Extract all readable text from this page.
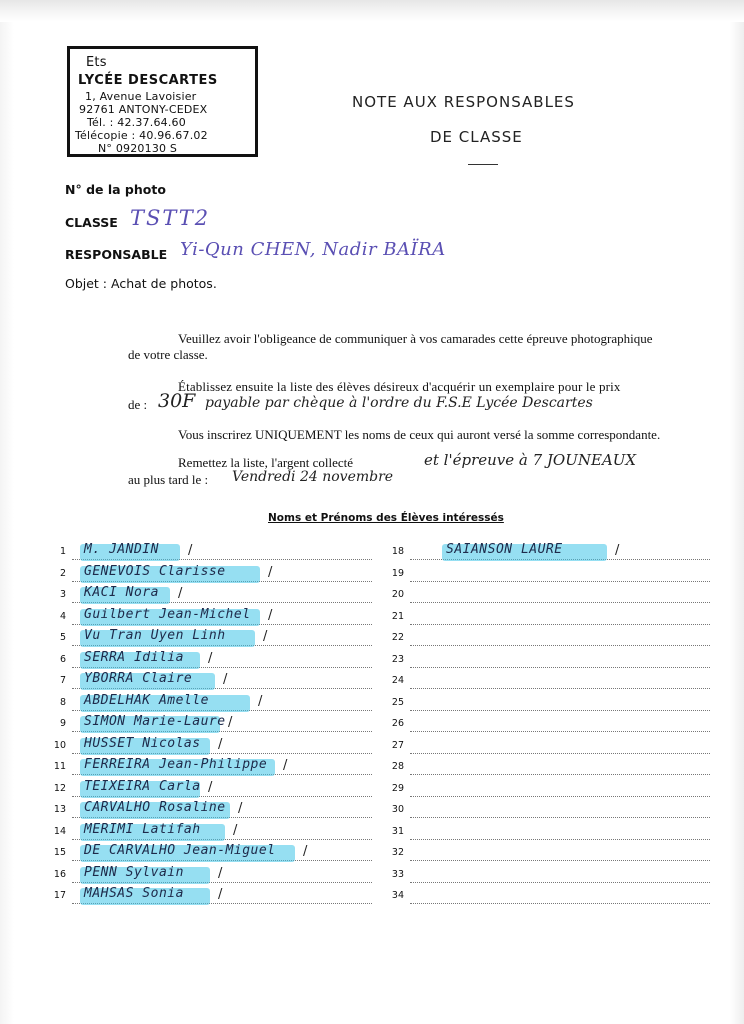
Ets
LYCÉE DESCARTES
1, Avenue Lavoisier
92761 ANTONY-CEDEX
Tél. : 42.37.64.60
Télécopie : 40.96.67.02
N° 0920130 S
NOTE AUX RESPONSABLES
DE CLASSE
N° de la photo
CLASSE TSTT2
RESPONSABLE Yi-Qun CHEN, Nadir BAÏRA
Objet : Achat de photos.
Veuillez avoir l'obligeance de communiquer à vos camarades cette épreuve photographique
de votre classe.
Établissez ensuite la liste des élèves désireux d'acquérir un exemplaire pour le prix
de : 30F payable par chèque à l'ordre du F.S.E Lycée Descartes
Vous inscrirez UNIQUEMENT les noms de ceux qui auront versé la somme correspondante.
Remettez la liste, l'argent collecté	et l'épreuve à 7 JOUNEAUX
au plus tard le : Vendredi 24 novembre
Noms et Prénoms des Élèves intéressés
1 M. JANDIN /
2 GENEVOIS Clarisse	/
3 KACI Nora /
4 Guilbert Jean-Michel /
5 Vu Tran Uyen Linh	/
6 SERRA Idilia /
7 YBORRA Claire /
8 ABDELHAK Amelle	/
9 SIMON Marie-Laure /
10 HUSSET Nicolas /
11 FERREIRA Jean-Philippe /
12 TEIXEIRA Carla /
13 CARVALHO Rosaline /
14 MERIMI Latifah /
15 DE CARVALHO Jean-Miguel /
16 PENN Sylvain	/
17 MAHSAS Sonia	/
18	SAIANSON LAURE	/
19
20
21
22
23
24
25
26
27
28
29
30
31
32
33
34
